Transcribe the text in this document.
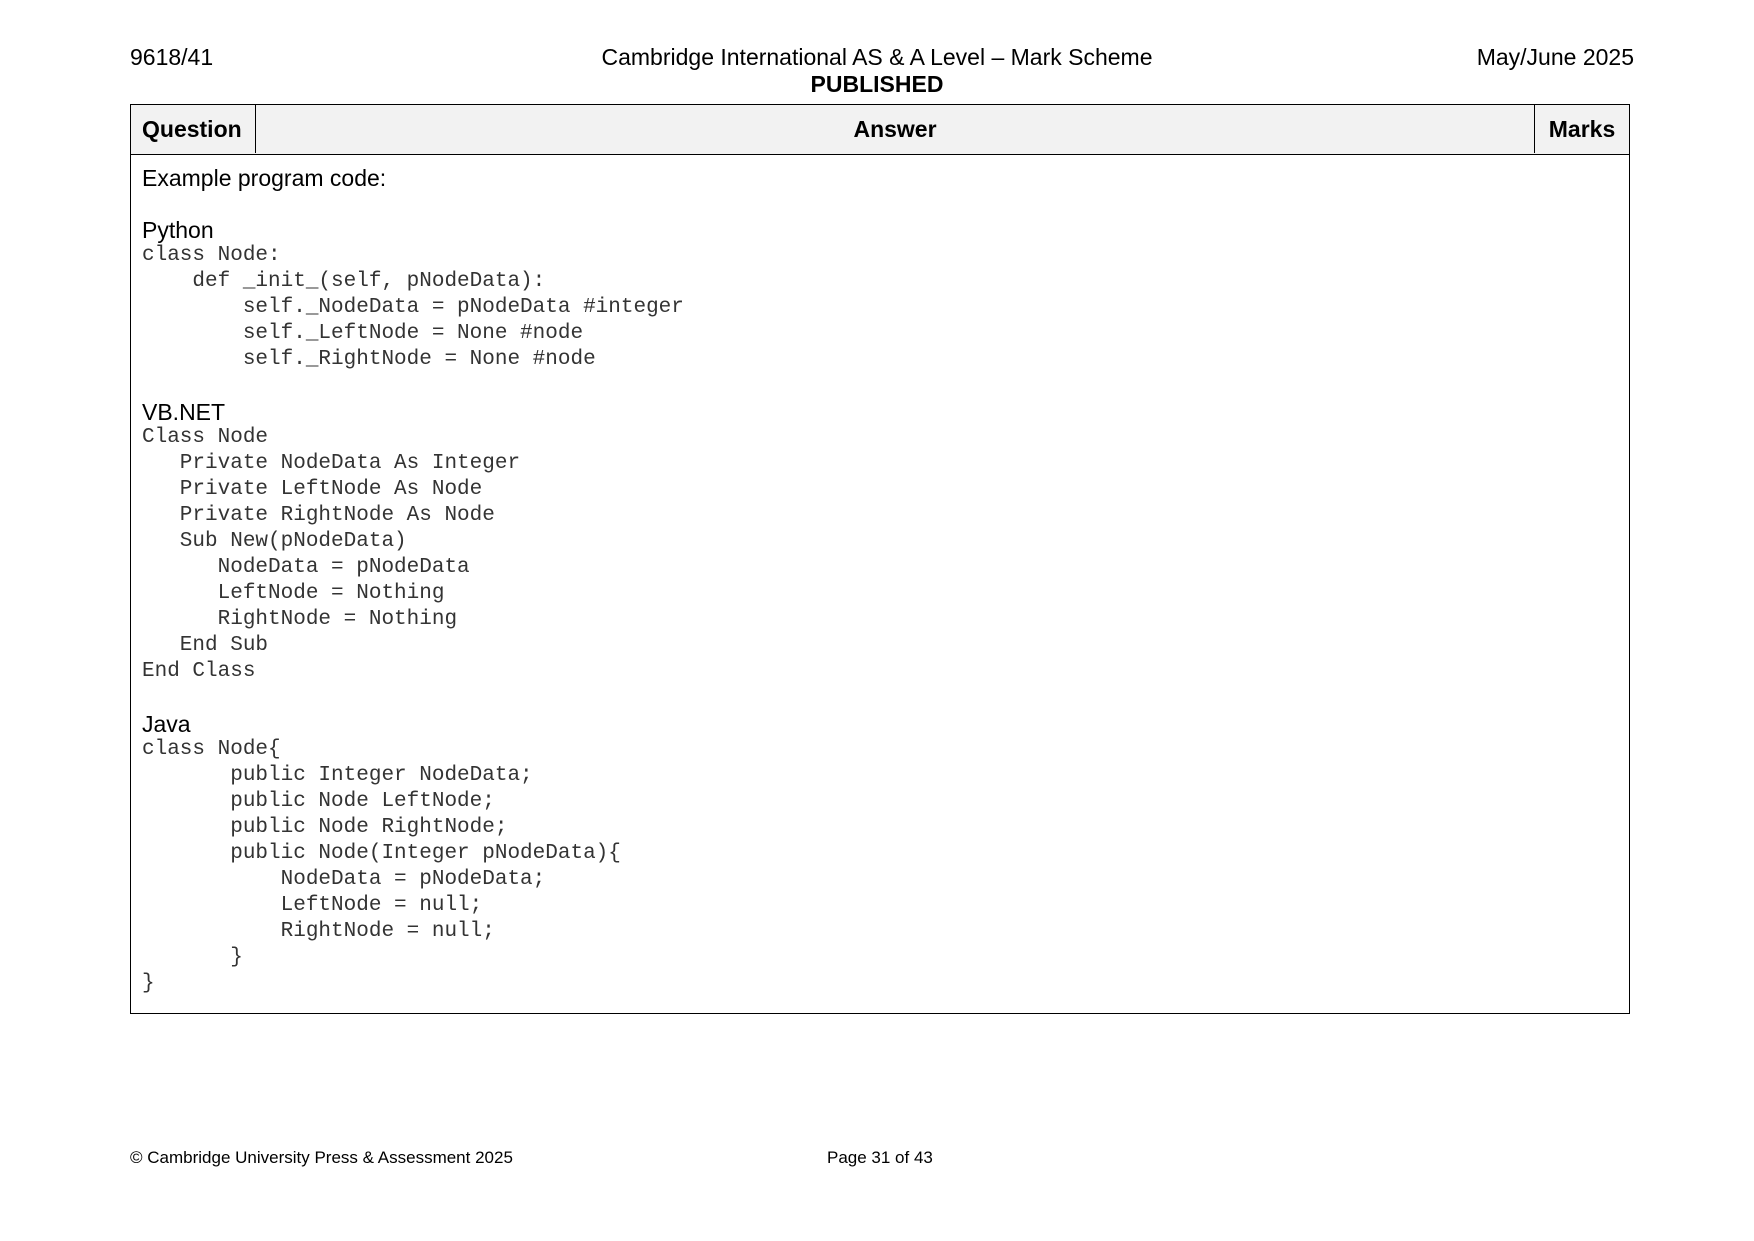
9618/41	Cambridge International AS & A Level – Mark Scheme
PUBLISHED
May/June 2025
Question	Answer	Marks
Example program code:
Python
class Node:
def _init_(self, pNodeData):
self._NodeData = pNodeData #integer
self._LeftNode = None #node
self._RightNode = None #node
VB.NET
Class Node
Private NodeData As Integer
Private LeftNode As Node
Private RightNode As Node
Sub New(pNodeData)
NodeData = pNodeData
LeftNode = Nothing
RightNode = Nothing
End Sub
End Class
Java
class Node{
public Integer NodeData;
public Node LeftNode;
public Node RightNode;
public Node(Integer pNodeData){
NodeData = pNodeData;
LeftNode = null;
RightNode = null;
}
}
© Cambridge University Press & Assessment 2025	Page 31 of 43
